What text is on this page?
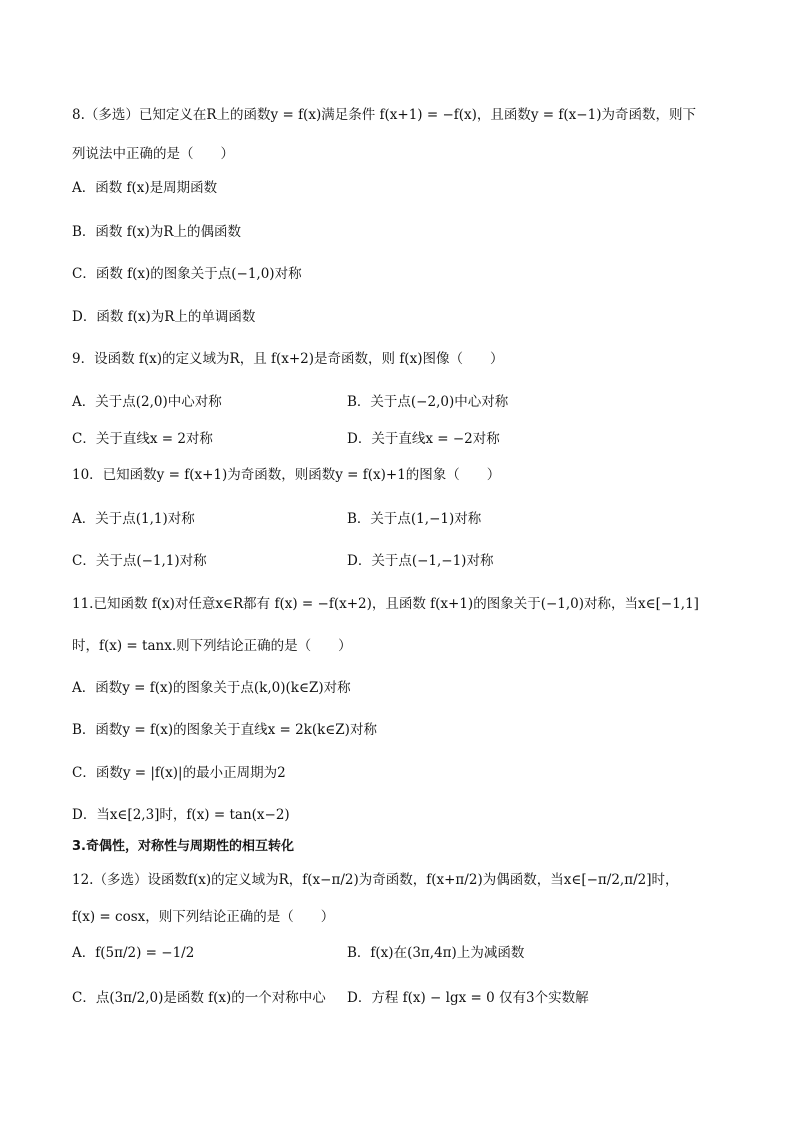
8.（多选）已知定义在R上的函数y = f(x)满足条件 f(x+1) = −f(x)，且函数y = f(x−1)为奇函数，则下
列说法中正确的是（　　）
A．函数 f(x)是周期函数
B．函数 f(x)为R上的偶函数
C．函数 f(x)的图象关于点(−1,0)对称
D．函数 f(x)为R上的单调函数
9．设函数 f(x)的定义域为R，且 f(x+2)是奇函数，则 f(x)图像（　　）
A．关于点(2,0)中心对称	B．关于点(−2,0)中心对称
C．关于直线x = 2对称	D．关于直线x = −2对称
10．已知函数y = f(x+1)为奇函数，则函数y = f(x)+1的图象（　　）
A．关于点(1,1)对称	B．关于点(1,−1)对称
C．关于点(−1,1)对称	D．关于点(−1,−1)对称
11.已知函数 f(x)对任意x∈R都有 f(x) = −f(x+2)，且函数 f(x+1)的图象关于(−1,0)对称，当x∈[−1,1]
时，f(x) = tanx.则下列结论正确的是（　　）
A．函数y = f(x)的图象关于点(k,0)(k∈Z)对称
B．函数y = f(x)的图象关于直线x = 2k(k∈Z)对称
C．函数y = |f(x)|的最小正周期为2
D．当x∈[2,3]时，f(x) = tan(x−2)
3.奇偶性，对称性与周期性的相互转化
12.（多选）设函数f(x)的定义域为R，f(x−π/2)为奇函数，f(x+π/2)为偶函数，当x∈[−π/2,π/2]时，
f(x) = cosx，则下列结论正确的是（　　）
A．f(5π/2) = −1/2	B．f(x)在(3π,4π)上为减函数
C．点(3π/2,0)是函数 f(x)的一个对称中心 D．方程 f(x) − lgx = 0 仅有3个实数解
